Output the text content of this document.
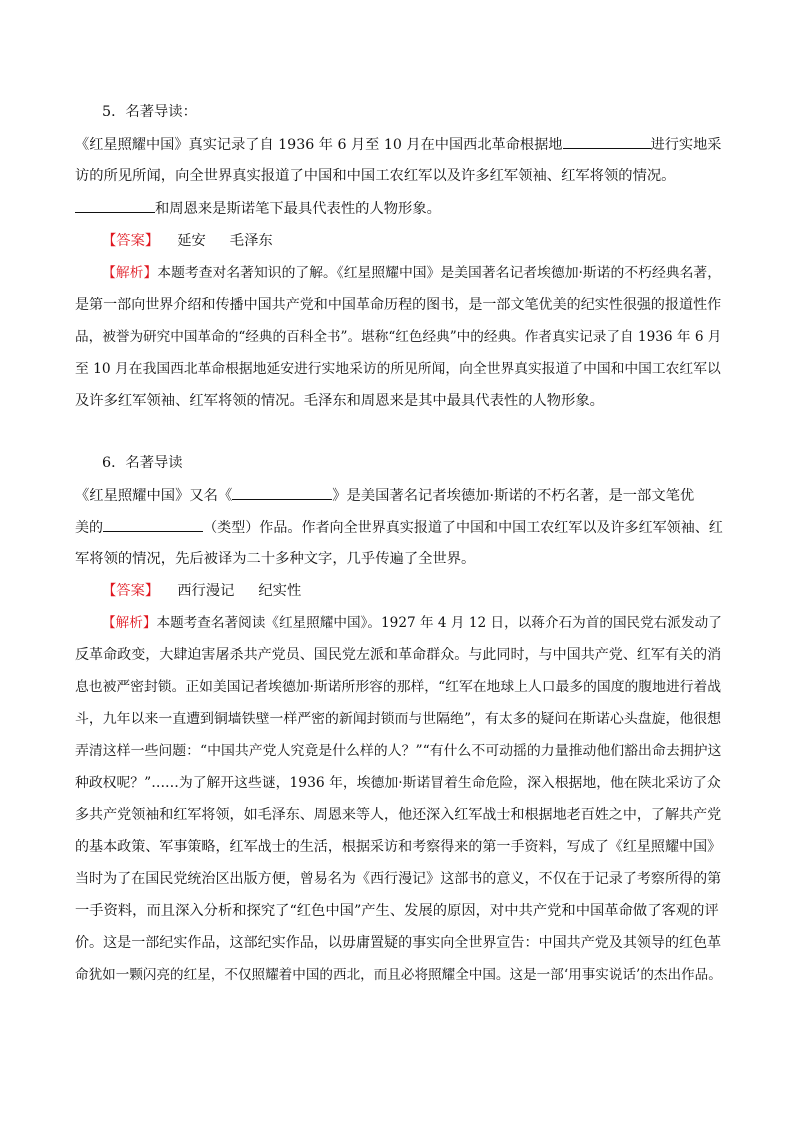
5．名著导读：
《红星照耀中国》真实记录了自 1936 年 6 月至 10 月在中国西北革命根据地	进行实地采
访的所见所闻，向全世界真实报道了中国和中国工农红军以及许多红军领袖、红军将领的情况。
和周恩来是斯诺笔下最具代表性的人物形象。
【答案】 延安 毛泽东
【解析】本题考查对名著知识的了解。《红星照耀中国》是美国著名记者埃德加·斯诺的不朽经典名著，
是第一部向世界介绍和传播中国共产党和中国革命历程的图书，是一部文笔优美的纪实性很强的报道性作
品，被誉为研究中国革命的“经典的百科全书”。堪称“红色经典”中的经典。作者真实记录了自 1936 年 6 月
至 10 月在我国西北革命根据地延安进行实地采访的所见所闻，向全世界真实报道了中国和中国工农红军以
及许多红军领袖、红军将领的情况。毛泽东和周恩来是其中最具代表性的人物形象。
6．名著导读
《红星照耀中国》又名《	》是美国著名记者埃德加·斯诺的不朽名著，是一部文笔优
美的	（类型）作品。作者向全世界真实报道了中国和中国工农红军以及许多红军领袖、红
军将领的情况，先后被译为二十多种文字，几乎传遍了全世界。
【答案】 西行漫记 纪实性
【解析】本题考查名著阅读《红星照耀中国》。1927 年 4 月 12 日，以蒋介石为首的国民党右派发动了
反革命政变，大肆迫害屠杀共产党员、国民党左派和革命群众。与此同时，与中国共产党、红军有关的消
息也被严密封锁。正如美国记者埃德加·斯诺所形容的那样，“红军在地球上人口最多的国度的腹地进行着战
斗，九年以来一直遭到铜墙铁壁一样严密的新闻封锁而与世隔绝”，有太多的疑问在斯诺心头盘旋，他很想
弄清这样一些问题：“中国共产党人究竟是什么样的人？”“有什么不可动摇的力量推动他们豁出命去拥护这
种政权呢？”……为了解开这些谜，1936 年，埃德加·斯诺冒着生命危险，深入根据地，他在陕北采访了众
多共产党领袖和红军将领，如毛泽东、周恩来等人，他还深入红军战士和根据地老百姓之中，了解共产党
的基本政策、军事策略，红军战士的生活，根据采访和考察得来的第一手资料，写成了《红星照耀中国》
当时为了在国民党统治区出版方便，曾易名为《西行漫记》这部书的意义，不仅在于记录了考察所得的第
一手资料，而且深入分析和探究了“红色中国”产生、发展的原因，对中共产党和中国革命做了客观的评
价。这是一部纪实作品，这部纪实作品，以毋庸置疑的事实向全世界宣告：中国共产党及其领导的红色革
命犹如一颗闪亮的红星，不仅照耀着中国的西北，而且必将照耀全中国。这是一部‘用事实说话’的杰出作品。
